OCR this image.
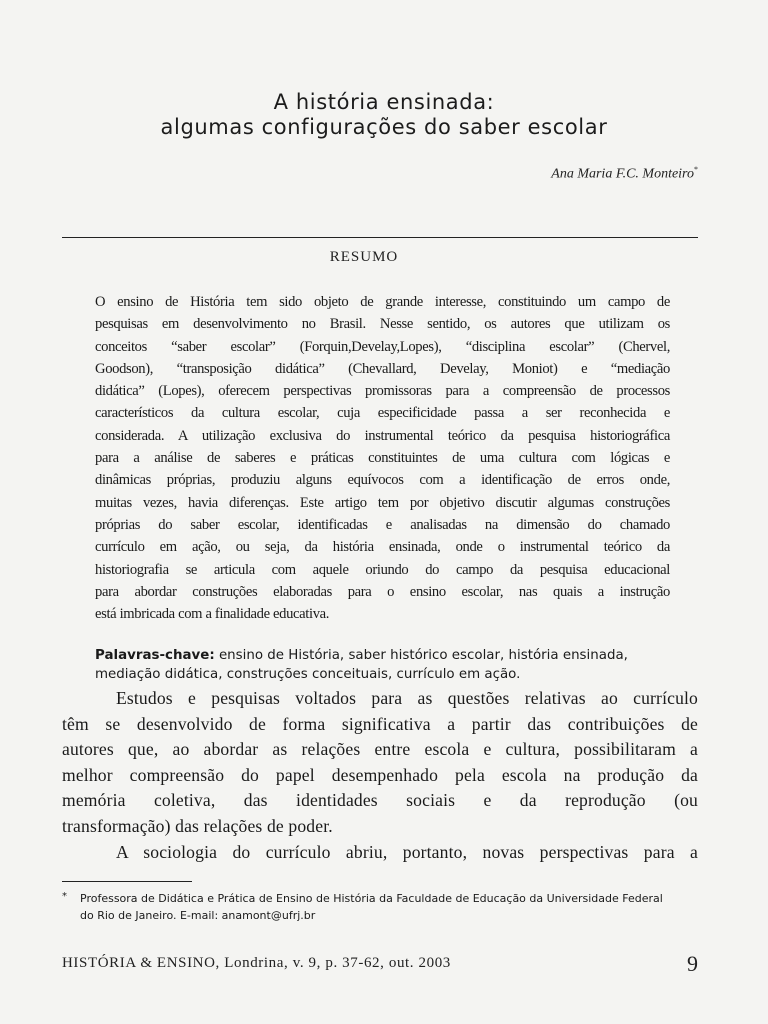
A história ensinada:
algumas configurações do saber escolar
Ana Maria F.C. Monteiro*
RESUMO
O ensino de História tem sido objeto de grande interesse, constituindo um campo de
pesquisas em desenvolvimento no Brasil. Nesse sentido, os autores que utilizam os
conceitos “saber escolar” (Forquin,Develay,Lopes), “disciplina escolar” (Chervel,
Goodson), “transposição didática” (Chevallard, Develay, Moniot) e “mediação
didática” (Lopes), oferecem perspectivas promissoras para a compreensão de processos
característicos da cultura escolar, cuja especificidade passa a ser reconhecida e
considerada. A utilização exclusiva do instrumental teórico da pesquisa historiográfica
para a análise de saberes e práticas constituintes de uma cultura com lógicas e
dinâmicas próprias, produziu alguns equívocos com a identificação de erros onde,
muitas vezes, havia diferenças. Este artigo tem por objetivo discutir algumas construções
próprias do saber escolar, identificadas e analisadas na dimensão do chamado
currículo em ação, ou seja, da história ensinada, onde o instrumental teórico da
historiografia se articula com aquele oriundo do campo da pesquisa educacional
para abordar construções elaboradas para o ensino escolar, nas quais a instrução
está imbricada com a finalidade educativa.
Palavras-chave: ensino de História, saber histórico escolar, história ensinada,
mediação didática, construções conceituais, currículo em ação.
Estudos e pesquisas voltados para as questões relativas ao currículo
têm se desenvolvido de forma significativa a partir das contribuições de
autores que, ao abordar as relações entre escola e cultura, possibilitaram a
melhor compreensão do papel desempenhado pela escola na produção da
memória coletiva, das identidades sociais e da reprodução (ou
transformação) das relações de poder.
A sociologia do currículo abriu, portanto, novas perspectivas para a
*	Professora de Didática e Prática de Ensino de História da Faculdade de Educação da Universidade Federal
do Rio de Janeiro. E-mail: anamont@ufrj.br
HISTÓRIA & ENSINO, Londrina, v. 9, p. 37-62, out. 2003	9
